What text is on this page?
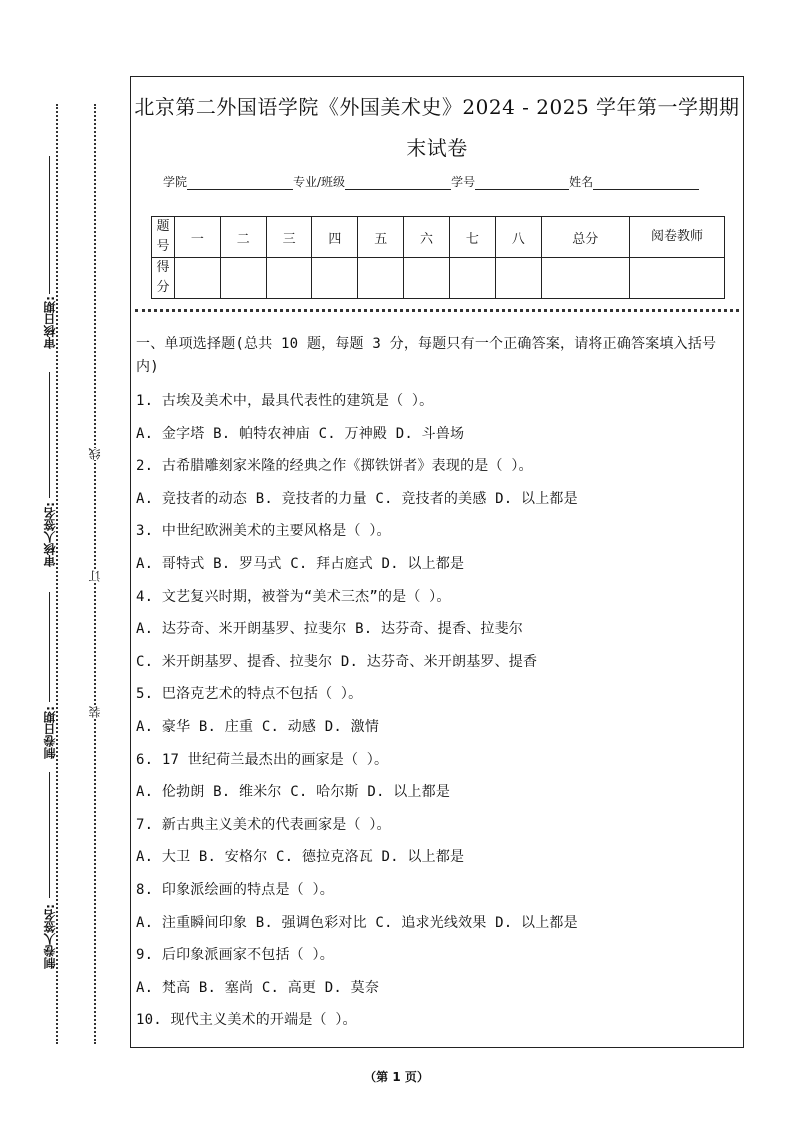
审核日期:
审核人签名:
制卷日期:
制卷人签名:
线
订
装
北京第二外国语学院《外国美术史》2024 - 2025 学年第一学期期
末试卷
学院	专业/班级	学号	姓名
题号	一	二	三	四	五	六	七	八	总分	阅卷教师
得分										
一、单项选择题(总共 10 题，每题 3 分，每题只有一个正确答案，请将正确答案填入括号内)
1. 古埃及美术中，最具代表性的建筑是（ ）。
A. 金字塔 B. 帕特农神庙 C. 万神殿 D. 斗兽场
2. 古希腊雕刻家米隆的经典之作《掷铁饼者》表现的是（ ）。
A. 竞技者的动态 B. 竞技者的力量 C. 竞技者的美感 D. 以上都是
3. 中世纪欧洲美术的主要风格是（ ）。
A. 哥特式 B. 罗马式 C. 拜占庭式 D. 以上都是
4. 文艺复兴时期，被誉为“美术三杰”的是（ ）。
A. 达芬奇、米开朗基罗、拉斐尔 B. 达芬奇、提香、拉斐尔
C. 米开朗基罗、提香、拉斐尔 D. 达芬奇、米开朗基罗、提香
5. 巴洛克艺术的特点不包括（ ）。
A. 豪华 B. 庄重 C. 动感 D. 激情
6. 17 世纪荷兰最杰出的画家是（ ）。
A. 伦勃朗 B. 维米尔 C. 哈尔斯 D. 以上都是
7. 新古典主义美术的代表画家是（ ）。
A. 大卫 B. 安格尔 C. 德拉克洛瓦 D. 以上都是
8. 印象派绘画的特点是（ ）。
A. 注重瞬间印象 B. 强调色彩对比 C. 追求光线效果 D. 以上都是
9. 后印象派画家不包括（ ）。
A. 梵高 B. 塞尚 C. 高更 D. 莫奈
10. 现代主义美术的开端是（ ）。
（第 1 页）
